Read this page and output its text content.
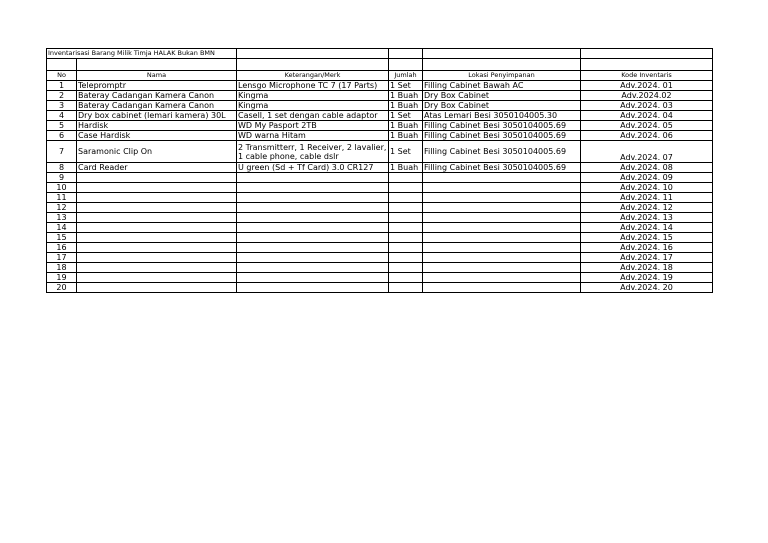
Inventarisasi Barang Milik Timja HALAK Bukan BMN					

No	Nama	Keterangan/Merk	Jumlah	Lokasi Penyimpanan	Kode Inventaris
1	Telepromptr	Lensgo Microphone TC 7 (17 Parts)	1 Set	Filling Cabinet Bawah AC	Adv.2024. 01
2	Bateray Cadangan Kamera Canon	Kingma	1 Buah	Dry Box Cabinet	Adv.2024.02
3	Bateray Cadangan Kamera Canon	Kingma	1 Buah	Dry Box Cabinet	Adv.2024. 03
4	Dry box cabinet (lemari kamera) 30L	Casell, 1 set dengan cable adaptor	1 Set	Atas Lemari Besi 3050104005.30	Adv.2024. 04
5	Hardisk	WD My Pasport 2TB	1 Buah	Filling Cabinet Besi 3050104005.69	Adv.2024. 05
6	Case Hardisk	WD warna Hitam	1 Buah	Filling Cabinet Besi 3050104005.69	Adv.2024. 06
7	Saramonic Clip On	2 Transmitterr, 1 Receiver, 2 lavalier, 1 cable phone, cable dslr	1 Set	Filling Cabinet Besi 3050104005.69	Adv.2024. 07
8	Card Reader	U green (Sd + Tf Card) 3.0 CR127	1 Buah	Filling Cabinet Besi 3050104005.69	Adv.2024. 08
9					Adv.2024. 09
10					Adv.2024. 10
11					Adv.2024. 11
12					Adv.2024. 12
13					Adv.2024. 13
14					Adv.2024. 14
15					Adv.2024. 15
16					Adv.2024. 16
17					Adv.2024. 17
18					Adv.2024. 18
19					Adv.2024. 19
20					Adv.2024. 20
